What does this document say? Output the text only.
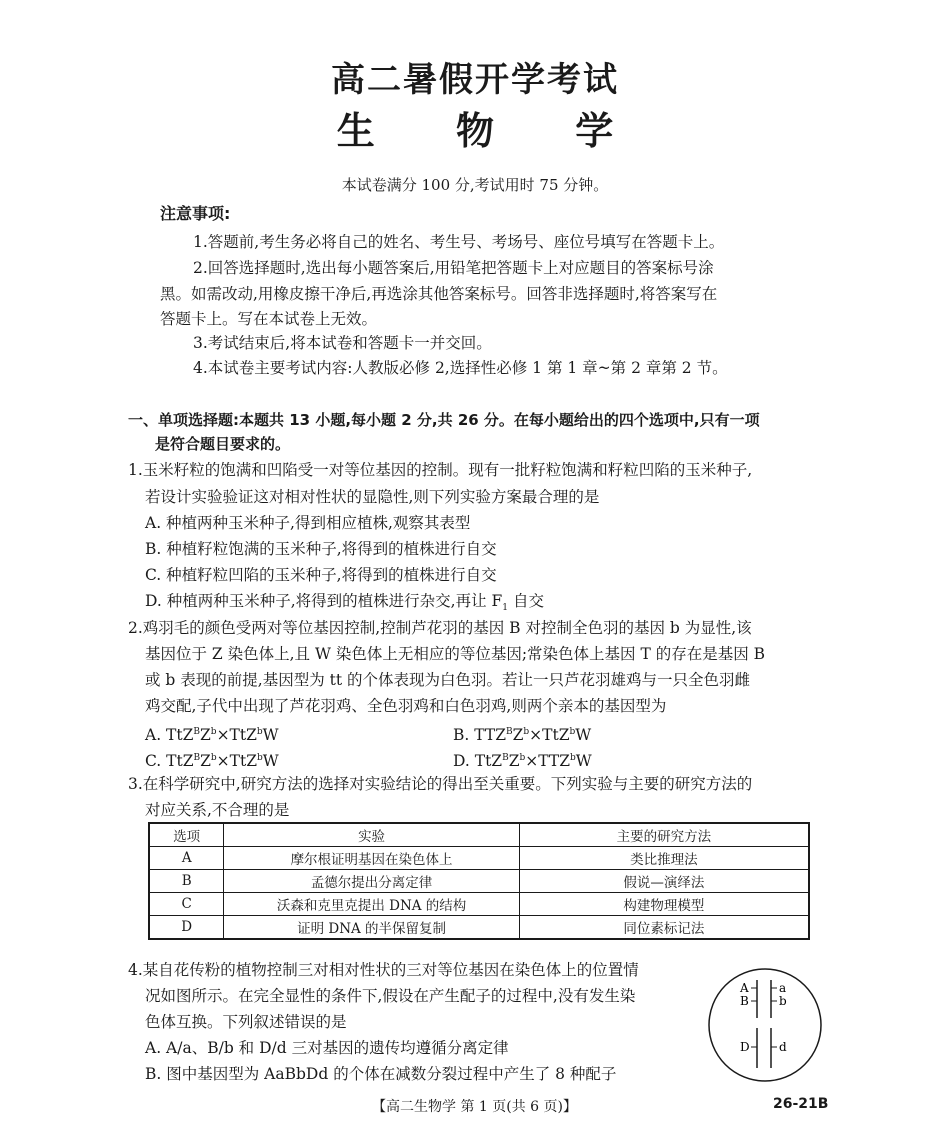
高二暑假开学考试
生 物 学
本试卷满分 100 分,考试用时 75 分钟。
注意事项:
1.答题前,考生务必将自己的姓名、考生号、考场号、座位号填写在答题卡上。
2.回答选择题时,选出每小题答案后,用铅笔把答题卡上对应题目的答案标号涂
黑。如需改动,用橡皮擦干净后,再选涂其他答案标号。回答非选择题时,将答案写在
答题卡上。写在本试卷上无效。
3.考试结束后,将本试卷和答题卡一并交回。
4.本试卷主要考试内容:人教版必修 2,选择性必修 1 第 1 章~第 2 章第 2 节。
一、单项选择题:本题共 13 小题,每小题 2 分,共 26 分。在每小题给出的四个选项中,只有一项
是符合题目要求的。
1.玉米籽粒的饱满和凹陷受一对等位基因的控制。现有一批籽粒饱满和籽粒凹陷的玉米种子,
若设计实验验证这对相对性状的显隐性,则下列实验方案最合理的是
A. 种植两种玉米种子,得到相应植株,观察其表型
B. 种植籽粒饱满的玉米种子,将得到的植株进行自交
C. 种植籽粒凹陷的玉米种子,将得到的植株进行自交
D. 种植两种玉米种子,将得到的植株进行杂交,再让 $F_1$ 自交
2.鸡羽毛的颜色受两对等位基因控制,控制芦花羽的基因 B 对控制全色羽的基因 b 为显性,该
基因位于 Z 染色体上,且 W 染色体上无相应的等位基因;常染色体上基因 T 的存在是基因 B
或 b 表现的前提,基因型为 tt 的个体表现为白色羽。若让一只芦花羽雄鸡与一只全色羽雌
鸡交配,子代中出现了芦花羽鸡、全色羽鸡和白色羽鸡,则两个亲本的基因型为
A. $TtZ^BZ^b\times TtZ^bW$	B. $TTZ^BZ^b\times TtZ^bW$
C. $TtZ^BZ^b\times TtZ^bW$	D. $TtZ^BZ^b\times TTZ^bW$
3.在科学研究中,研究方法的选择对实验结论的得出至关重要。下列实验与主要的研究方法的
对应关系,不合理的是
选项	实验	主要的研究方法
A	摩尔根证明基因在染色体上	类比推理法
B	孟德尔提出分离定律	假说—演绎法
C	沃森和克里克提出 DNA 的结构	构建物理模型
D	证明 DNA 的半保留复制	同位素标记法
4.某自花传粉的植物控制三对相对性状的三对等位基因在染色体上的位置情
况如图所示。在完全显性的条件下,假设在产生配子的过程中,没有发生染
色体互换。下列叙述错误的是
A. A/a、B/b 和 D/d 三对基因的遗传均遵循分离定律
B. 图中基因型为 AaBbDd 的个体在减数分裂过程中产生了 8 种配子
A	a
B	b
D d
【高二生物学 第 1 页(共 6 页)】	26-21B
